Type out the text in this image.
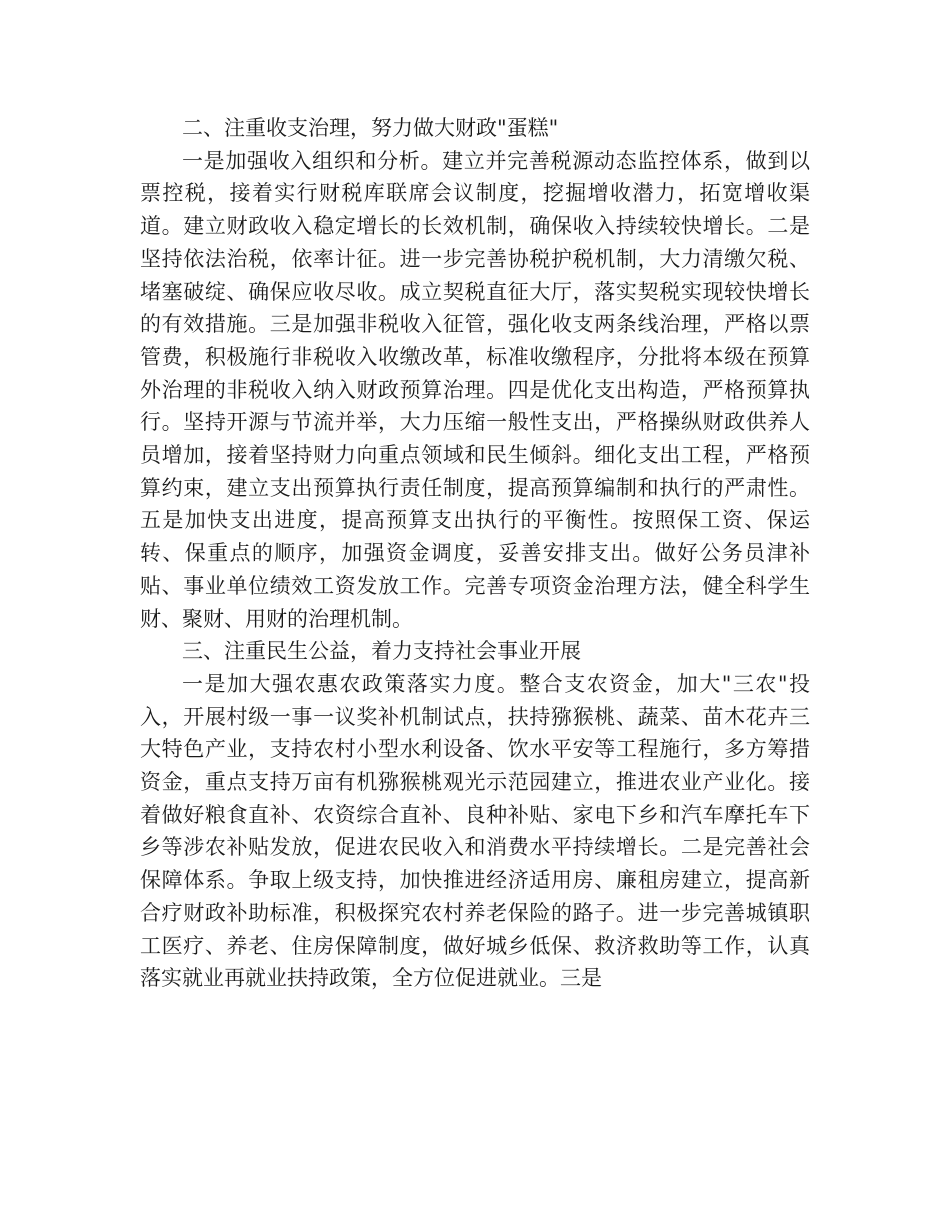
二、注重收支治理，努力做大财政"蛋糕"

一是加强收入组织和分析。建立并完善税源动态监控体系，做到以票控税，接着实行财税库联席会议制度，挖掘增收潜力，拓宽增收渠道。建立财政收入稳定增长的长效机制，确保收入持续较快增长。二是坚持依法治税，依率计征。进一步完善协税护税机制，大力清缴欠税、堵塞破绽、确保应收尽收。成立契税直征大厅，落实契税实现较快增长的有效措施。三是加强非税收入征管，强化收支两条线治理，严格以票管费，积极施行非税收入收缴改革，标准收缴程序，分批将本级在预算外治理的非税收入纳入财政预算治理。四是优化支出构造，严格预算执行。坚持开源与节流并举，大力压缩一般性支出，严格操纵财政供养人员增加，接着坚持财力向重点领域和民生倾斜。细化支出工程，严格预算约束，建立支出预算执行责任制度，提高预算编制和执行的严肃性。五是加快支出进度，提高预算支出执行的平衡性。按照保工资、保运转、保重点的顺序，加强资金调度，妥善安排支出。做好公务员津补贴、事业单位绩效工资发放工作。完善专项资金治理方法，健全科学生财、聚财、用财的治理机制。

三、注重民生公益，着力支持社会事业开展

一是加大强农惠农政策落实力度。整合支农资金，加大"三农"投入，开展村级一事一议奖补机制试点，扶持猕猴桃、蔬菜、苗木花卉三大特色产业，支持农村小型水利设备、饮水平安等工程施行，多方筹措资金，重点支持万亩有机猕猴桃观光示范园建立，推进农业产业化。接着做好粮食直补、农资综合直补、良种补贴、家电下乡和汽车摩托车下乡等涉农补贴发放，促进农民收入和消费水平持续增长。二是完善社会保障体系。争取上级支持，加快推进经济适用房、廉租房建立，提高新合疗财政补助标准，积极探究农村养老保险的路子。进一步完善城镇职工医疗、养老、住房保障制度，做好城乡低保、救济救助等工作，认真落实就业再就业扶持政策，全方位促进就业。三是
